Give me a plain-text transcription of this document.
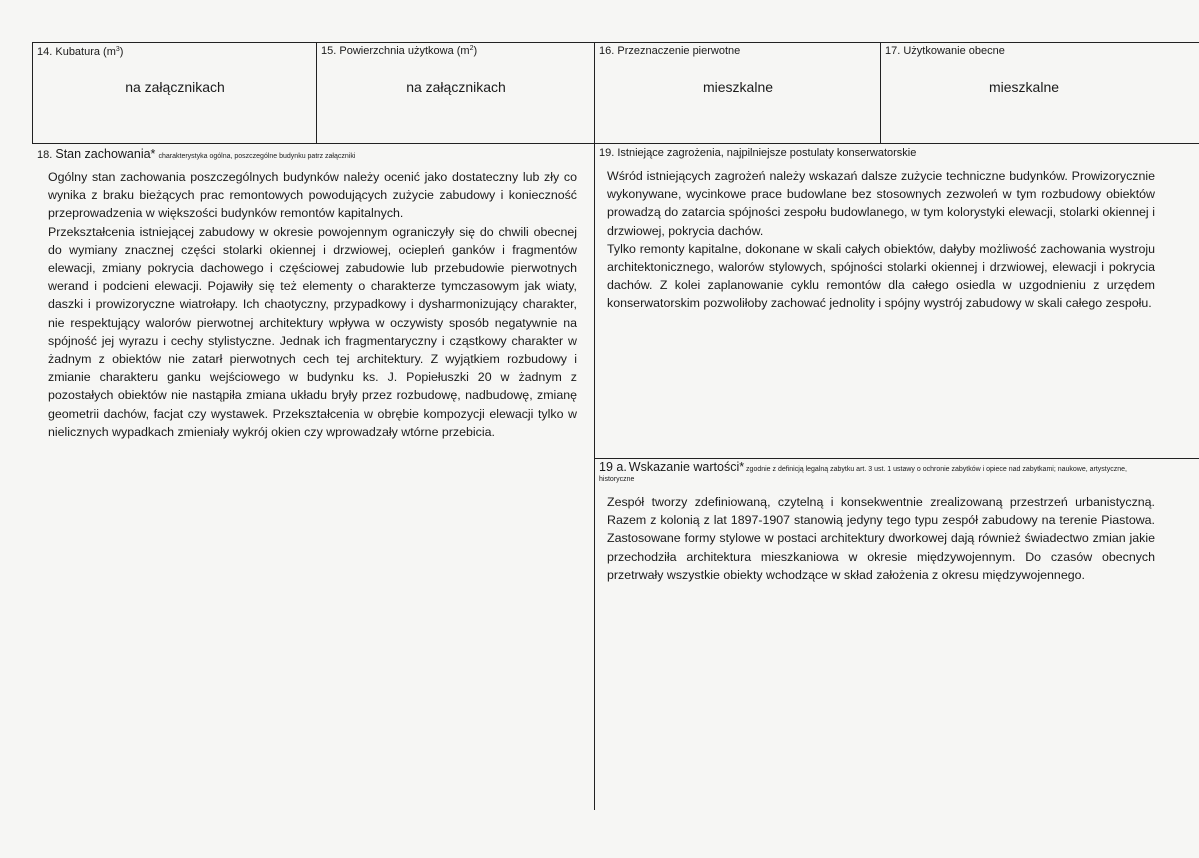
14. Kubatura $(m^3)$
na załącznikach
15. Powierzchnia użytkowa $(m^2)$
na załącznikach
16. Przeznaczenie pierwotne
mieszkalne
17. Użytkowanie obecne
mieszkalne
18. Stan zachowania* charakterystyka ogólna, poszczególne budynku patrz załączniki

Ogólny stan zachowania poszczególnych budynków należy ocenić jako dostateczny lub zły co wynika z braku bieżących prac remontowych powodujących zużycie zabudowy i konieczność przeprowadzenia w większości budynków remontów kapitalnych.

Przekształcenia istniejącej zabudowy w okresie powojennym ograniczyły się do chwili obecnej do wymiany znacznej części stolarki okiennej i drzwiowej, ociepleń ganków i fragmentów elewacji, zmiany pokrycia dachowego i częściowej zabudowie lub przebudowie pierwotnych werand i podcieni elewacji. Pojawiły się też elementy o charakterze tymczasowym jak wiaty, daszki i prowizoryczne wiatrołapy. Ich chaotyczny, przypadkowy i dysharmonizujący charakter, nie respektujący walorów pierwotnej architektury wpływa w oczywisty sposób negatywnie na spójność jej wyrazu i cechy stylistyczne. Jednak ich fragmentaryczny i cząstkowy charakter w żadnym z obiektów nie zatarł pierwotnych cech tej architektury. Z wyjątkiem rozbudowy i zmianie charakteru ganku wejściowego w budynku ks. J. Popiełuszki 20 w żadnym z pozostałych obiektów nie nastąpiła zmiana układu bryły przez rozbudowę, nadbudowę, zmianę geometrii dachów, facjat czy wystawek. Przekształcenia w obrębie kompozycji elewacji tylko w nielicznych wypadkach zmieniały wykrój okien czy wprowadzały wtórne przebicia.

19. Istniejące zagrożenia, najpilniejsze postulaty konserwatorskie

Wśród istniejących zagrożeń należy wskazań dalsze zużycie techniczne budynków. Prowizorycznie wykonywane, wycinkowe prace budowlane bez stosownych zezwoleń w tym rozbudowy obiektów prowadzą do zatarcia spójności zespołu budowlanego, w tym kolorystyki elewacji, stolarki okiennej i drzwiowej, pokrycia dachów.

Tylko remonty kapitalne, dokonane w skali całych obiektów, dałyby możliwość zachowania wystroju architektonicznego, walorów stylowych, spójności stolarki okiennej i drzwiowej, elewacji i pokrycia dachów. Z kolei zaplanowanie cyklu remontów dla całego osiedla w uzgodnieniu z urzędem konserwatorskim pozwoliłoby zachować jednolity i spójny wystrój zabudowy w skali całego zespołu.

19 a. Wskazanie wartości* zgodnie z definicją legalną zabytku art. 3 ust. 1 ustawy o ochronie zabytków i opiece nad zabytkami; naukowe, artystyczne, historyczne

Zespół tworzy zdefiniowaną, czytelną i konsekwentnie zrealizowaną przestrzeń urbanistyczną. Razem z kolonią z lat 1897-1907 stanowią jedyny tego typu zespół zabudowy na terenie Piastowa. Zastosowane formy stylowe w postaci architektury dworkowej dają również świadectwo zmian jakie przechodziła architektura mieszkaniowa w okresie międzywojennym. Do czasów obecnych przetrwały wszystkie obiekty wchodzące w skład założenia z okresu międzywojennego.
